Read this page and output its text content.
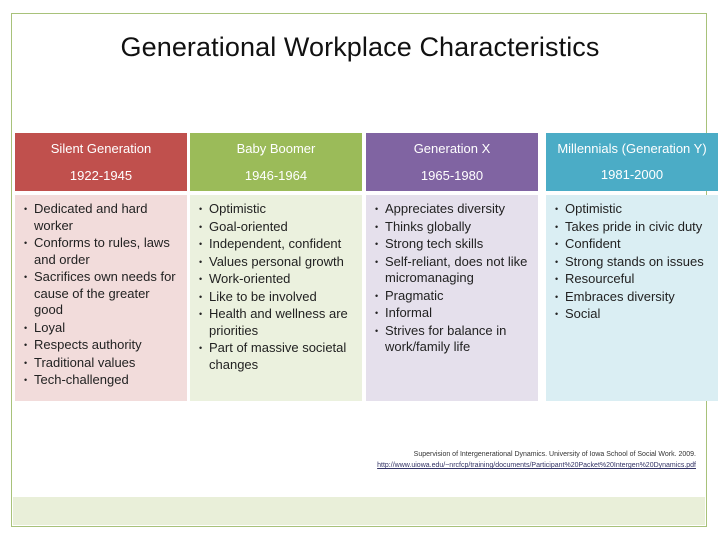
Generational Workplace Characteristics
Silent Generation
1922-1945
• Dedicated and hard worker
• Conforms to rules, laws and order
• Sacrifices own needs for cause of the greater good
• Loyal
• Respects authority
• Traditional values
• Tech-challenged
Baby Boomer
1946-1964
• Optimistic
• Goal-oriented
• Independent, confident
• Values personal growth
• Work-oriented
• Like to be involved
• Health and wellness are priorities
• Part of massive societal changes
Generation X
1965-1980
• Appreciates diversity
• Thinks globally
• Strong tech skills
• Self-reliant, does not like micromanaging
• Pragmatic
• Informal
• Strives for balance in work/family life
Millennials (Generation Y)
1981-2000
• Optimistic
• Takes pride in civic duty
• Confident
• Strong stands on issues
• Resourceful
• Embraces diversity
• Social
Supervision of Intergenerational Dynamics. University of Iowa School of Social Work. 2009.
http://www.uiowa.edu/~nrcfcp/training/documents/Participant%20Packet%20Intergen%20Dynamics.pdf
